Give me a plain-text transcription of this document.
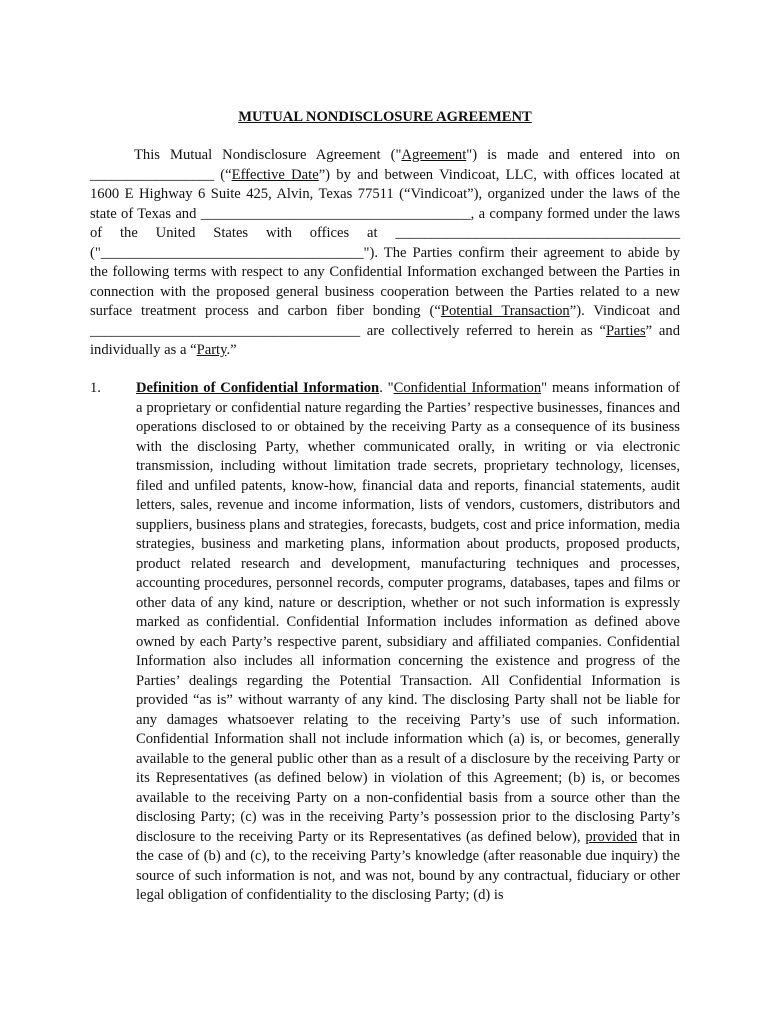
MUTUAL NONDISCLOSURE AGREEMENT

This Mutual Nondisclosure Agreement ("Agreement") is made and entered into on _________________ (“Effective Date”) by and between Vindicoat, LLC, with offices located at 1600 E Highway 6 Suite 425, Alvin, Texas 77511 (“Vindicoat”), organized under the laws of the state of Texas and _____________________________________, a company formed under the laws of the United States with offices at _______________________________________ ("____________________________________"). The Parties confirm their agreement to abide by the following terms with respect to any Confidential Information exchanged between the Parties in connection with the proposed general business cooperation between the Parties related to a new surface treatment process and carbon fiber bonding (“Potential Transaction”). Vindicoat and _____________________________________ are collectively referred to herein as “Parties” and individually as a “Party.”

1.	Definition of Confidential Information. "Confidential Information" means information of a proprietary or confidential nature regarding the Parties’ respective businesses, finances and operations disclosed to or obtained by the receiving Party as a consequence of its business with the disclosing Party, whether communicated orally, in writing or via electronic transmission, including without limitation trade secrets, proprietary technology, licenses, filed and unfiled patents, know-how, financial data and reports, financial statements, audit letters, sales, revenue and income information, lists of vendors, customers, distributors and suppliers, business plans and strategies, forecasts, budgets, cost and price information, media strategies, business and marketing plans, information about products, proposed products, product related research and development, manufacturing techniques and processes, accounting procedures, personnel records, computer programs, databases, tapes and films or other data of any kind, nature or description, whether or not such information is expressly marked as confidential. Confidential Information includes information as defined above owned by each Party’s respective parent, subsidiary and affiliated companies. Confidential Information also includes all information concerning the existence and progress of the Parties’ dealings regarding the Potential Transaction. All Confidential Information is provided “as is” without warranty of any kind. The disclosing Party shall not be liable for any damages whatsoever relating to the receiving Party’s use of such information. Confidential Information shall not include information which (a) is, or becomes, generally available to the general public other than as a result of a disclosure by the receiving Party or its Representatives (as defined below) in violation of this Agreement; (b) is, or becomes available to the receiving Party on a non-confidential basis from a source other than the disclosing Party; (c) was in the receiving Party’s possession prior to the disclosing Party’s disclosure to the receiving Party or its Representatives (as defined below), provided that in the case of (b) and (c), to the receiving Party’s knowledge (after reasonable due inquiry) the source of such information is not, and was not, bound by any contractual, fiduciary or other legal obligation of confidentiality to the disclosing Party; (d) is
